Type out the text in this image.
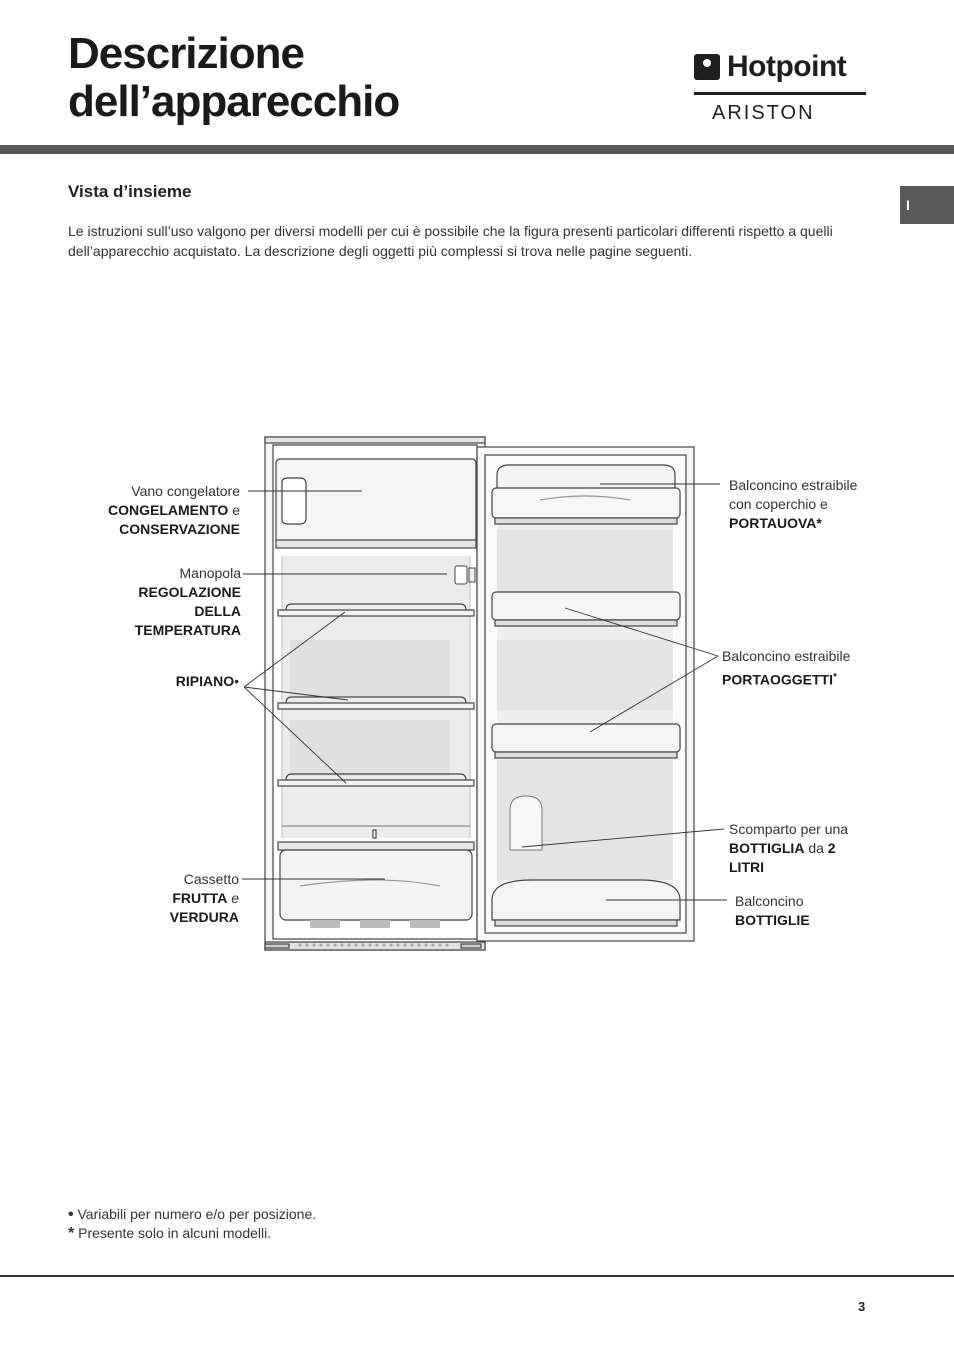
Descrizione
dell’apparecchio
Hotpoint
ARISTON
I
Vista d’insieme

Le istruzioni sull’uso valgono per diversi modelli per cui è possibile che la figura presenti particolari differenti rispetto a quelli dell’apparecchio acquistato. La descrizione degli oggetti più complessi si trova nelle pagine seguenti.

Vano congelatore
CONGELAMENTO e
CONSERVAZIONE
Manopola
REGOLAZIONE
DELLA
TEMPERATURA
RIPIANO•
Cassetto
FRUTTA e
VERDURA
Balconcino estraibile
con coperchio e
PORTAUOVA*
Balconcino estraibile
PORTAOGGETTI•
Scomparto per una
BOTTIGLIA da 2
LITRI
Balconcino
BOTTIGLIE
• Variabili per numero e/o per posizione.
* Presente solo in alcuni modelli.
3
